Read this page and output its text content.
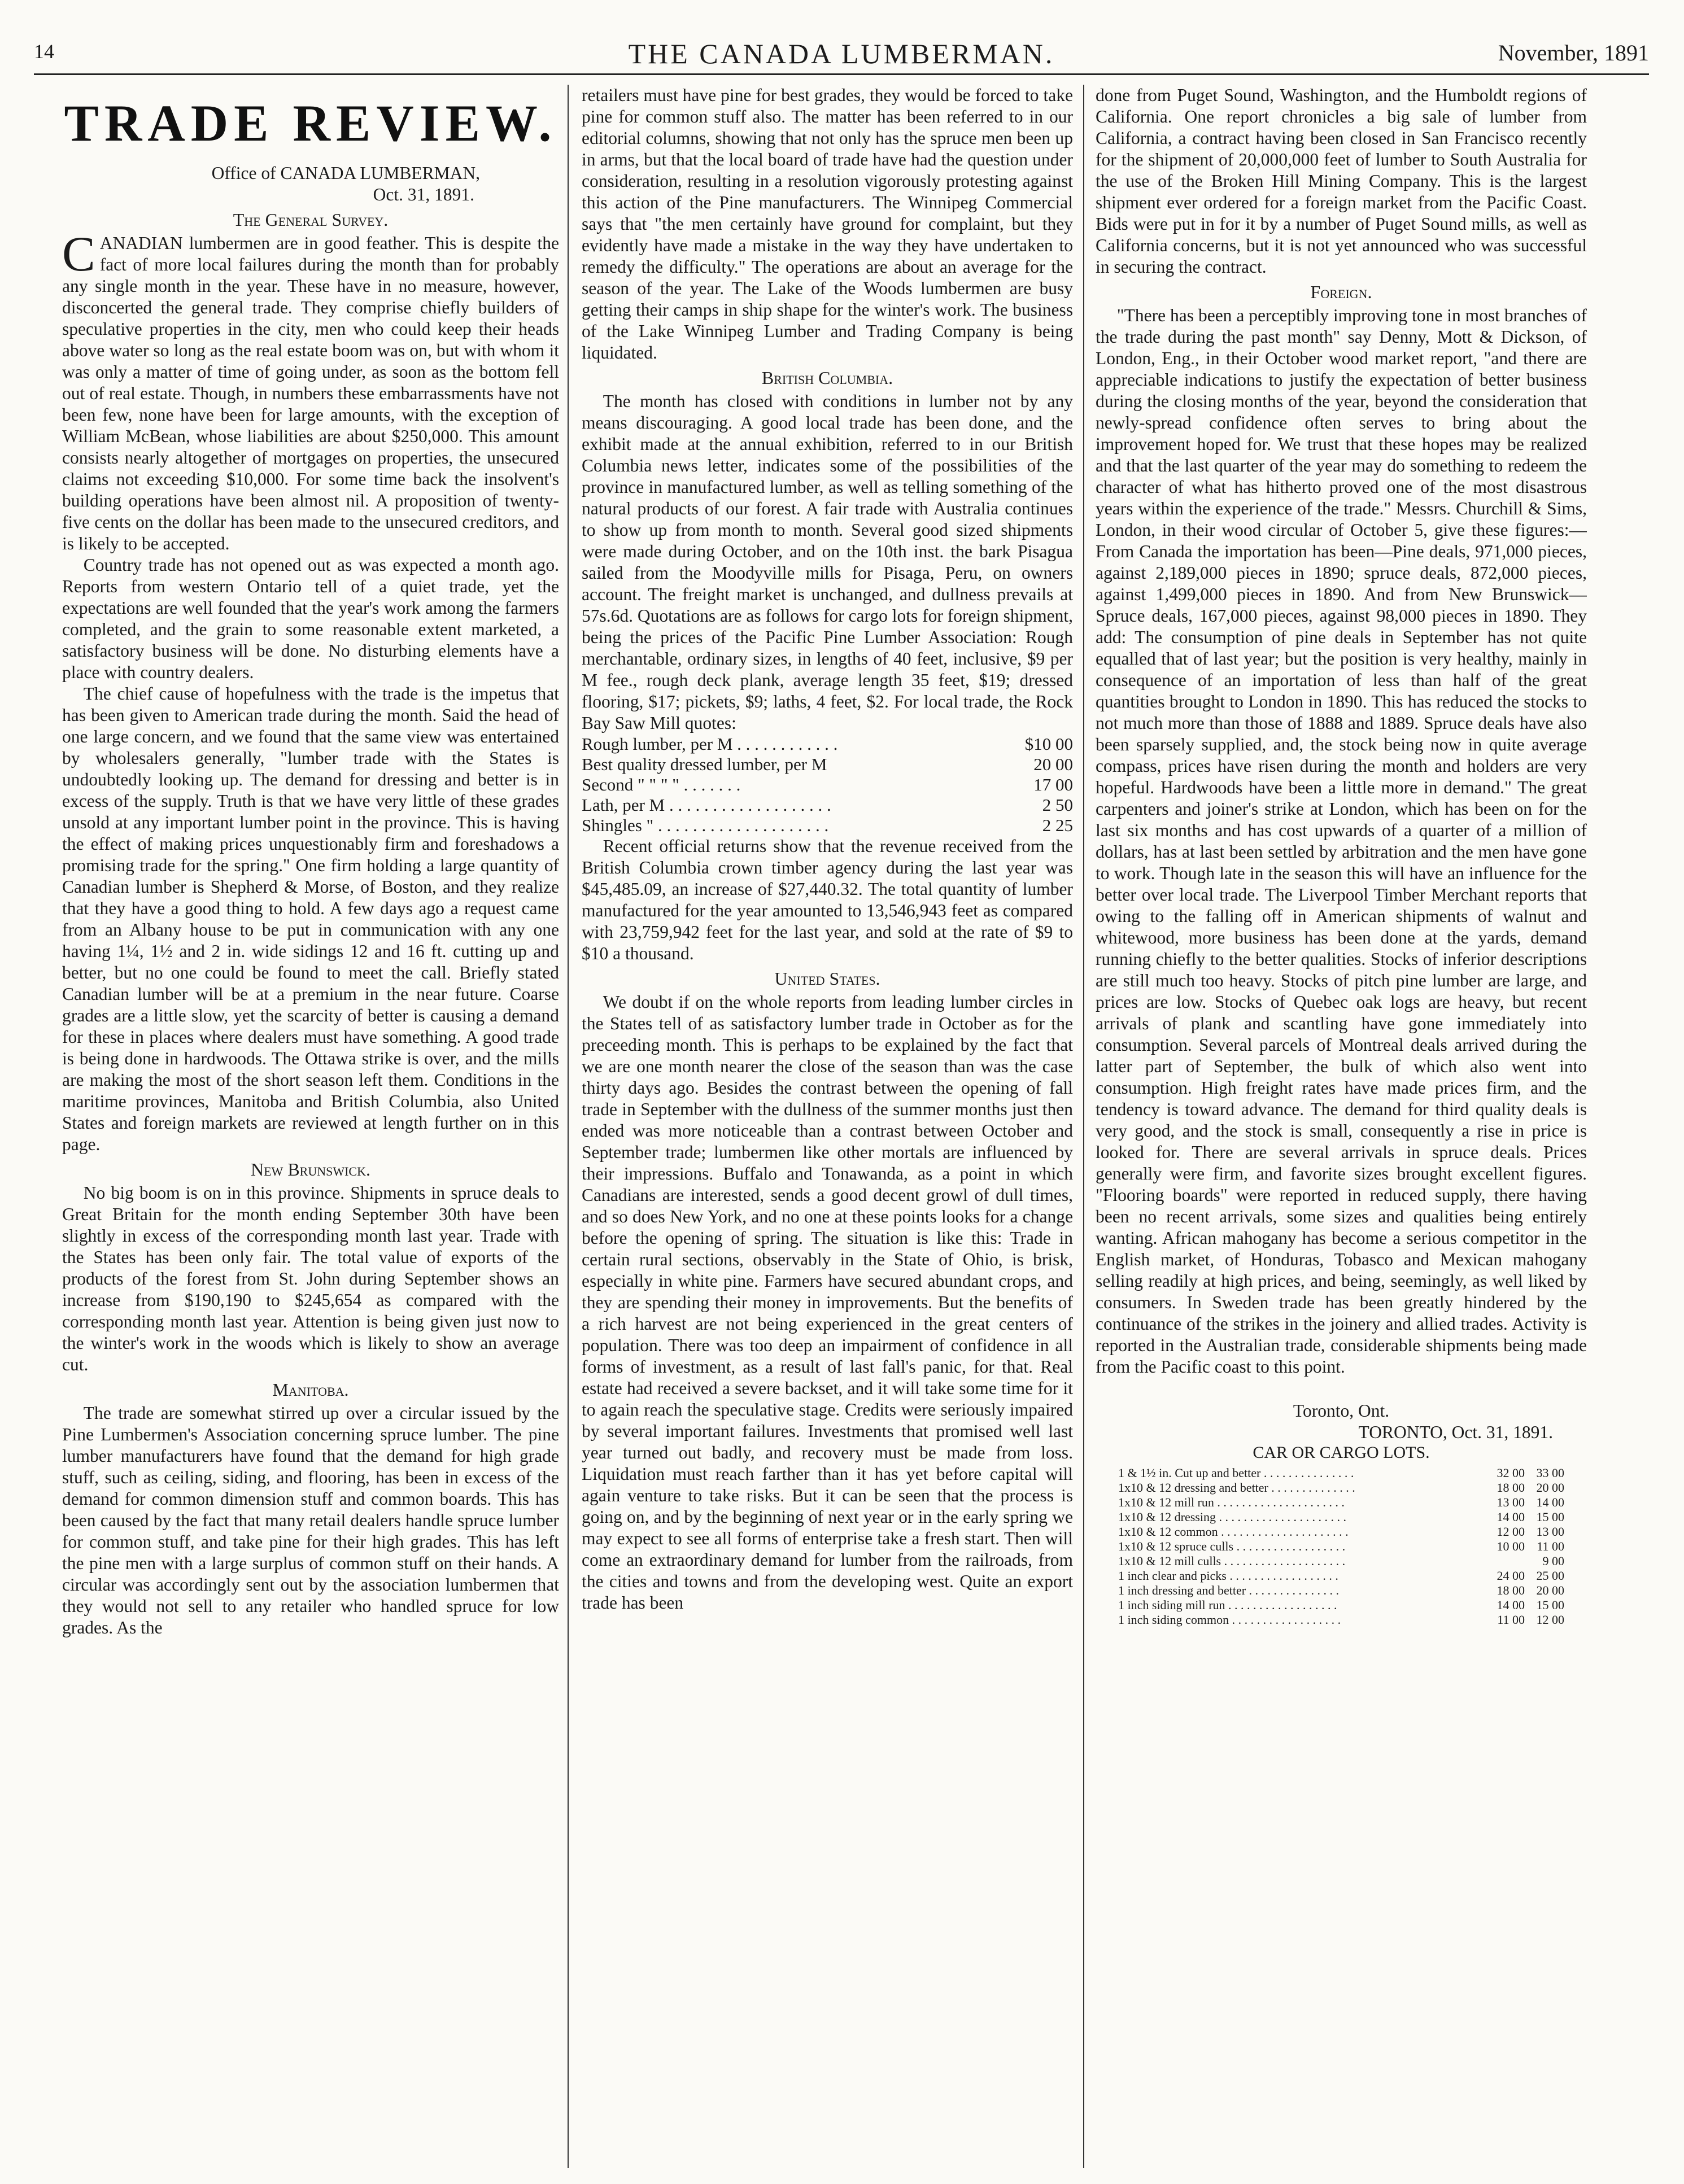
14	THE CANADA LUMBERMAN.	November, 1891
TRADE REVIEW.
Office of CANADA LUMBERMAN,
Oct. 31, 1891.
The General Survey.

CANADIAN lumbermen are in good feather. This is despite the fact of more local failures during the month than for probably any single month in the year. These have in no measure, however, disconcerted the general trade. They comprise chiefly builders of speculative properties in the city, men who could keep their heads above water so long as the real estate boom was on, but with whom it was only a matter of time of going under, as soon as the bottom fell out of real estate. Though, in numbers these embarrassments have not been few, none have been for large amounts, with the exception of William McBean, whose liabilities are about $250,000. This amount consists nearly altogether of mortgages on properties, the unsecured claims not exceeding $10,000. For some time back the insolvent's building operations have been almost nil. A proposition of twenty-five cents on the dollar has been made to the unsecured creditors, and is likely to be accepted.

Country trade has not opened out as was expected a month ago. Reports from western Ontario tell of a quiet trade, yet the expectations are well founded that the year's work among the farmers completed, and the grain to some reasonable extent marketed, a satisfactory business will be done. No disturbing elements have a place with country dealers.

The chief cause of hopefulness with the trade is the impetus that has been given to American trade during the month. Said the head of one large concern, and we found that the same view was entertained by wholesalers generally, "lumber trade with the States is undoubtedly looking up. The demand for dressing and better is in excess of the supply. Truth is that we have very little of these grades unsold at any important lumber point in the province. This is having the effect of making prices unquestionably firm and foreshadows a promising trade for the spring." One firm holding a large quantity of Canadian lumber is Shepherd & Morse, of Boston, and they realize that they have a good thing to hold. A few days ago a request came from an Albany house to be put in communication with any one having 1¼, 1½ and 2 in. wide sidings 12 and 16 ft. cutting up and better, but no one could be found to meet the call. Briefly stated Canadian lumber will be at a premium in the near future. Coarse grades are a little slow, yet the scarcity of better is causing a demand for these in places where dealers must have something. A good trade is being done in hardwoods. The Ottawa strike is over, and the mills are making the most of the short season left them. Conditions in the maritime provinces, Manitoba and British Columbia, also United States and foreign markets are reviewed at length further on in this page.

New Brunswick.

No big boom is on in this province. Shipments in spruce deals to Great Britain for the month ending September 30th have been slightly in excess of the corresponding month last year. Trade with the States has been only fair. The total value of exports of the products of the forest from St. John during September shows an increase from $190,190 to $245,654 as compared with the corresponding month last year. Attention is being given just now to the winter's work in the woods which is likely to show an average cut.

Manitoba.

The trade are somewhat stirred up over a circular issued by the Pine Lumbermen's Association concerning spruce lumber. The pine lumber manufacturers have found that the demand for high grade stuff, such as ceiling, siding, and flooring, has been in excess of the demand for common dimension stuff and common boards. This has been caused by the fact that many retail dealers handle spruce lumber for common stuff, and take pine for their high grades. This has left the pine men with a large surplus of common stuff on their hands. A circular was accordingly sent out by the association lumbermen that they would not sell to any retailer who handled spruce for low grades. As the

retailers must have pine for best grades, they would be forced to take pine for common stuff also. The matter has been referred to in our editorial columns, showing that not only has the spruce men been up in arms, but that the local board of trade have had the question under consideration, resulting in a resolution vigorously protesting against this action of the Pine manufacturers. The Winnipeg Commercial says that "the men certainly have ground for complaint, but they evidently have made a mistake in the way they have undertaken to remedy the difficulty." The operations are about an average for the season of the year. The Lake of the Woods lumbermen are busy getting their camps in ship shape for the winter's work. The business of the Lake Winnipeg Lumber and Trading Company is being liquidated.

British Columbia.

The month has closed with conditions in lumber not by any means discouraging. A good local trade has been done, and the exhibit made at the annual exhibition, referred to in our British Columbia news letter, indicates some of the possibilities of the province in manufactured lumber, as well as telling something of the natural products of our forest. A fair trade with Australia continues to show up from month to month. Several good sized shipments were made during October, and on the 10th inst. the bark Pisagua sailed from the Moodyville mills for Pisaga, Peru, on owners account. The freight market is unchanged, and dullness prevails at 57s.6d. Quotations are as follows for cargo lots for foreign shipment, being the prices of the Pacific Pine Lumber Association: Rough merchantable, ordinary sizes, in lengths of 40 feet, inclusive, $9 per M fee., rough deck plank, average length 35 feet, $19; dressed flooring, $17; pickets, $9; laths, 4 feet, $2. For local trade, the Rock Bay Saw Mill quotes:

Rough lumber, per M . . . . . . . . . . . .	$10 00
Best quality dressed lumber, per M	20 00
Second " " " " . . . . . . .	17 00
Lath, per M . . . . . . . . . . . . . . . . . . .	2 50
Shingles " . . . . . . . . . . . . . . . . . . . .	2 25

Recent official returns show that the revenue received from the British Columbia crown timber agency during the last year was $45,485.09, an increase of $27,440.32. The total quantity of lumber manufactured for the year amounted to 13,546,943 feet as compared with 23,759,942 feet for the last year, and sold at the rate of $9 to $10 a thousand.

United States.

We doubt if on the whole reports from leading lumber circles in the States tell of as satisfactory lumber trade in October as for the preceeding month. This is perhaps to be explained by the fact that we are one month nearer the close of the season than was the case thirty days ago. Besides the contrast between the opening of fall trade in September with the dullness of the summer months just then ended was more noticeable than a contrast between October and September trade; lumbermen like other mortals are influenced by their impressions. Buffalo and Tonawanda, as a point in which Canadians are interested, sends a good decent growl of dull times, and so does New York, and no one at these points looks for a change before the opening of spring. The situation is like this: Trade in certain rural sections, observably in the State of Ohio, is brisk, especially in white pine. Farmers have secured abundant crops, and they are spending their money in improvements. But the benefits of a rich harvest are not being experienced in the great centers of population. There was too deep an impairment of confidence in all forms of investment, as a result of last fall's panic, for that. Real estate had received a severe backset, and it will take some time for it to again reach the speculative stage. Credits were seriously impaired by several important failures. Investments that promised well last year turned out badly, and recovery must be made from loss. Liquidation must reach farther than it has yet before capital will again venture to take risks. But it can be seen that the process is going on, and by the beginning of next year or in the early spring we may expect to see all forms of enterprise take a fresh start. Then will come an extraordinary demand for lumber from the railroads, from the cities and towns and from the developing west. Quite an export trade has been

done from Puget Sound, Washington, and the Humboldt regions of California. One report chronicles a big sale of lumber from California, a contract having been closed in San Francisco recently for the shipment of 20,000,000 feet of lumber to South Australia for the use of the Broken Hill Mining Company. This is the largest shipment ever ordered for a foreign market from the Pacific Coast. Bids were put in for it by a number of Puget Sound mills, as well as California concerns, but it is not yet announced who was successful in securing the contract.

Foreign.

"There has been a perceptibly improving tone in most branches of the trade during the past month" say Denny, Mott & Dickson, of London, Eng., in their October wood market report, "and there are appreciable indications to justify the expectation of better business during the closing months of the year, beyond the consideration that newly-spread confidence often serves to bring about the improvement hoped for. We trust that these hopes may be realized and that the last quarter of the year may do something to redeem the character of what has hitherto proved one of the most disastrous years within the experience of the trade." Messrs. Churchill & Sims, London, in their wood circular of October 5, give these figures:—From Canada the importation has been—Pine deals, 971,000 pieces, against 2,189,000 pieces in 1890; spruce deals, 872,000 pieces, against 1,499,000 pieces in 1890. And from New Brunswick—Spruce deals, 167,000 pieces, against 98,000 pieces in 1890. They add: The consumption of pine deals in September has not quite equalled that of last year; but the position is very healthy, mainly in consequence of an importation of less than half of the great quantities brought to London in 1890. This has reduced the stocks to not much more than those of 1888 and 1889. Spruce deals have also been sparsely supplied, and, the stock being now in quite average compass, prices have risen during the month and holders are very hopeful. Hardwoods have been a little more in demand." The great carpenters and joiner's strike at London, which has been on for the last six months and has cost upwards of a quarter of a million of dollars, has at last been settled by arbitration and the men have gone to work. Though late in the season this will have an influence for the better over local trade. The Liverpool Timber Merchant reports that owing to the falling off in American shipments of walnut and whitewood, more business has been done at the yards, demand running chiefly to the better qualities. Stocks of inferior descriptions are still much too heavy. Stocks of pitch pine lumber are large, and prices are low. Stocks of Quebec oak logs are heavy, but recent arrivals of plank and scantling have gone immediately into consumption. Several parcels of Montreal deals arrived during the latter part of September, the bulk of which also went into consumption. High freight rates have made prices firm, and the tendency is toward advance. The demand for third quality deals is very good, and the stock is small, consequently a rise in price is looked for. There are several arrivals in spruce deals. Prices generally were firm, and favorite sizes brought excellent figures. "Flooring boards" were reported in reduced supply, there having been no recent arrivals, some sizes and qualities being entirely wanting. African mahogany has become a serious competitor in the English market, of Honduras, Tobasco and Mexican mahogany selling readily at high prices, and being, seemingly, as well liked by consumers. In Sweden trade has been greatly hindered by the continuance of the strikes in the joinery and allied trades. Activity is reported in the Australian trade, considerable shipments being made from the Pacific coast to this point.

Toronto, Ont.
TORONTO, Oct. 31, 1891.
CAR OR CARGO LOTS.
1 & 1½ in. Cut up and better . . . . . . . . . . . . . . .	32 00	33 00
1x10 & 12 dressing and better . . . . . . . . . . . . . .	18 00	20 00
1x10 & 12 mill run . . . . . . . . . . . . . . . . . . . . .	13 00	14 00
1x10 & 12 dressing . . . . . . . . . . . . . . . . . . . . .	14 00	15 00
1x10 & 12 common . . . . . . . . . . . . . . . . . . . . .	12 00	13 00
1x10 & 12 spruce culls . . . . . . . . . . . . . . . . . .	10 00	11 00
1x10 & 12 mill culls . . . . . . . . . . . . . . . . . . . .		9 00
1 inch clear and picks . . . . . . . . . . . . . . . . . .	24 00	25 00
1 inch dressing and better . . . . . . . . . . . . . . .	18 00	20 00
1 inch siding mill run . . . . . . . . . . . . . . . . . .	14 00	15 00
1 inch siding common . . . . . . . . . . . . . . . . . .	11 00	12 00
